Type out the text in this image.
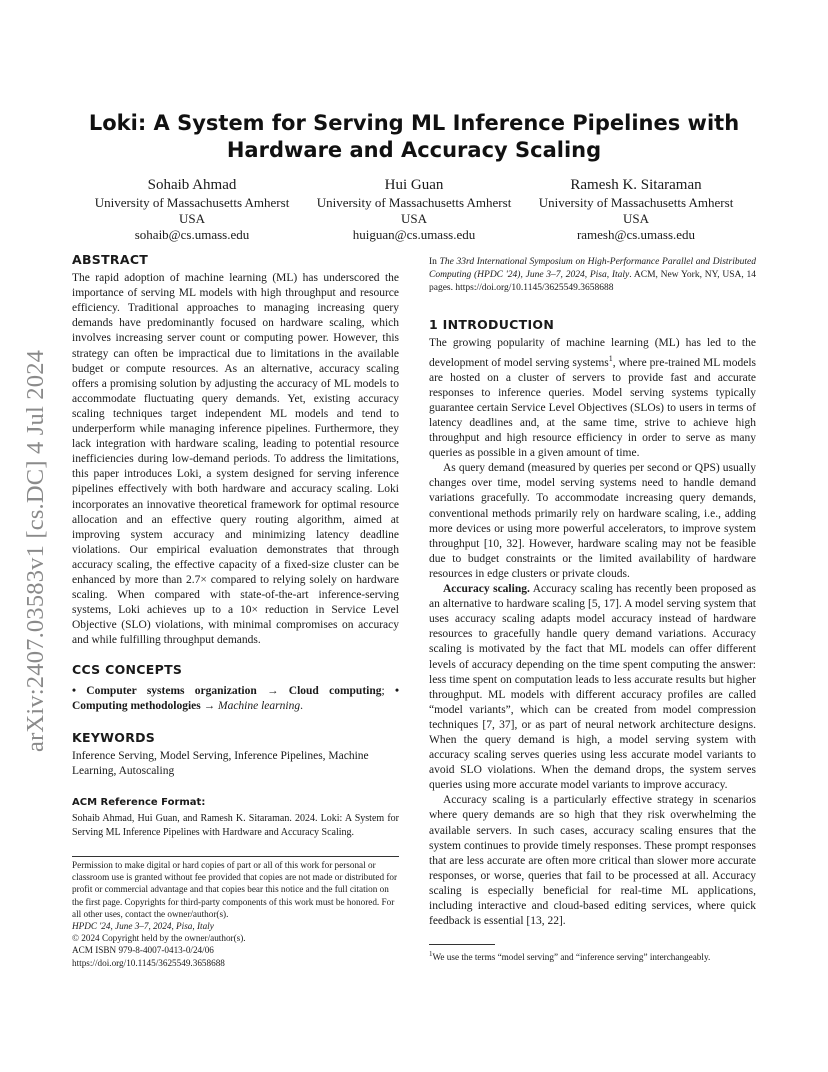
arXiv:2407.03583v1 [cs.DC] 4 Jul 2024
Loki: A System for Serving ML Inference Pipelines with Hardware and Accuracy Scaling
Sohaib Ahmad
University of Massachusetts Amherst
USA
sohaib@cs.umass.edu
Hui Guan
University of Massachusetts Amherst
USA
huiguan@cs.umass.edu
Ramesh K. Sitaraman
University of Massachusetts Amherst
USA
ramesh@cs.umass.edu

ABSTRACT

The rapid adoption of machine learning (ML) has underscored the importance of serving ML models with high throughput and resource efficiency. Traditional approaches to managing increasing query demands have predominantly focused on hardware scaling, which involves increasing server count or computing power. However, this strategy can often be impractical due to limitations in the available budget or compute resources. As an alternative, accuracy scaling offers a promising solution by adjusting the accuracy of ML models to accommodate fluctuating query demands. Yet, existing accuracy scaling techniques target independent ML models and tend to underperform while managing inference pipelines. Furthermore, they lack integration with hardware scaling, leading to potential resource inefficiencies during low-demand periods. To address the limitations, this paper introduces Loki, a system designed for serving inference pipelines effectively with both hardware and accuracy scaling. Loki incorporates an innovative theoretical framework for optimal resource allocation and an effective query routing algorithm, aimed at improving system accuracy and minimizing latency deadline violations. Our empirical evaluation demonstrates that through accuracy scaling, the effective capacity of a fixed-size cluster can be enhanced by more than 2.7× compared to relying solely on hardware scaling. When compared with state-of-the-art inference-serving systems, Loki achieves up to a 10× reduction in Service Level Objective (SLO) violations, with minimal compromises on accuracy and while fulfilling throughput demands.

CCS CONCEPTS

• Computer systems organization → Cloud computing; • Computing methodologies → Machine learning.

KEYWORDS

Inference Serving, Model Serving, Inference Pipelines, Machine Learning, Autoscaling

ACM Reference Format:

Sohaib Ahmad, Hui Guan, and Ramesh K. Sitaraman. 2024. Loki: A System for Serving ML Inference Pipelines with Hardware and Accuracy Scaling.

Permission to make digital or hard copies of part or all of this work for personal or classroom use is granted without fee provided that copies are not made or distributed for profit or commercial advantage and that copies bear this notice and the full citation on the first page. Copyrights for third-party components of this work must be honored. For all other uses, contact the owner/author(s).

HPDC '24, June 3–7, 2024, Pisa, Italy

© 2024 Copyright held by the owner/author(s).

ACM ISBN 979-8-4007-0413-0/24/06

https://doi.org/10.1145/3625549.3658688

In The 33rd International Symposium on High-Performance Parallel and Distributed Computing (HPDC '24), June 3–7, 2024, Pisa, Italy. ACM, New York, NY, USA, 14 pages. https://doi.org/10.1145/3625549.3658688

1 INTRODUCTION

The growing popularity of machine learning (ML) has led to the development of model serving systems$^1$, where pre-trained ML models are hosted on a cluster of servers to provide fast and accurate responses to inference queries. Model serving systems typically guarantee certain Service Level Objectives (SLOs) to users in terms of latency deadlines and, at the same time, strive to achieve high throughput and high resource efficiency in order to serve as many queries as possible in a given amount of time.

As query demand (measured by queries per second or QPS) usually changes over time, model serving systems need to handle demand variations gracefully. To accommodate increasing query demands, conventional methods primarily rely on hardware scaling, i.e., adding more devices or using more powerful accelerators, to improve system throughput [10, 32]. However, hardware scaling may not be feasible due to budget constraints or the limited availability of hardware resources in edge clusters or private clouds.

Accuracy scaling. Accuracy scaling has recently been proposed as an alternative to hardware scaling [5, 17]. A model serving system that uses accuracy scaling adapts model accuracy instead of hardware resources to gracefully handle query demand variations. Accuracy scaling is motivated by the fact that ML models can offer different levels of accuracy depending on the time spent computing the answer: less time spent on computation leads to less accurate results but higher throughput. ML models with different accuracy profiles are called “model variants”, which can be created from model compression techniques [7, 37], or as part of neural network architecture designs. When the query demand is high, a model serving system with accuracy scaling serves queries using less accurate model variants to avoid SLO violations. When the demand drops, the system serves queries using more accurate model variants to improve accuracy.

Accuracy scaling is a particularly effective strategy in scenarios where query demands are so high that they risk overwhelming the available servers. In such cases, accuracy scaling ensures that the system continues to provide timely responses. These prompt responses that are less accurate are often more critical than slower more accurate responses, or worse, queries that fail to be processed at all. Accuracy scaling is especially beneficial for real-time ML applications, including interactive and cloud-based editing services, where quick feedback is essential [13, 22].

$^1$We use the terms “model serving” and “inference serving” interchangeably.
